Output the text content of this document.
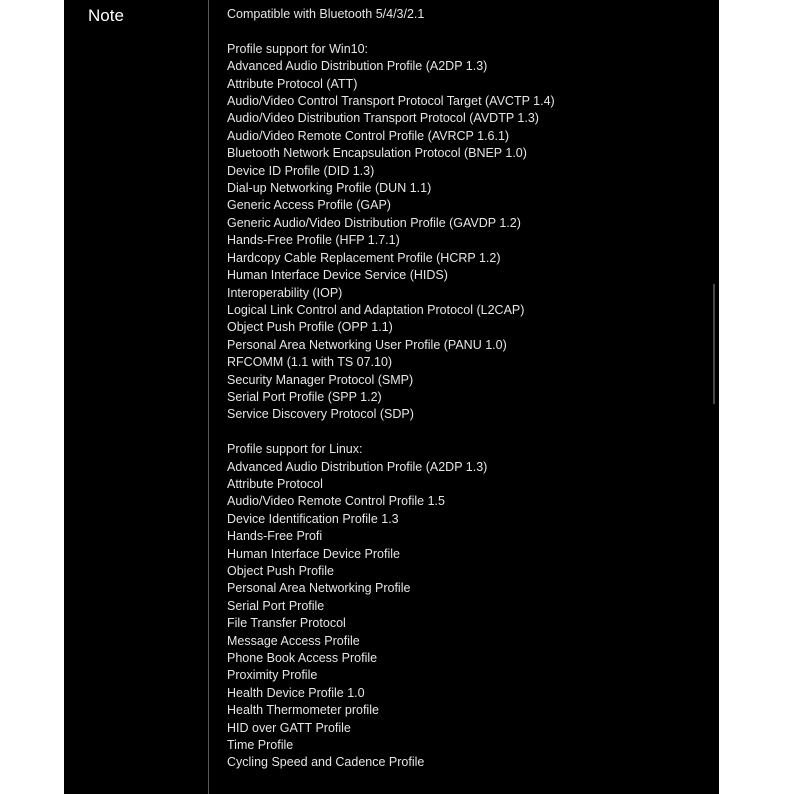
Note	Compatible with Bluetooth 5/4/3/2.1
Profile support for Win10:
Advanced Audio Distribution Profile (A2DP 1.3)
Attribute Protocol (ATT)
Audio/Video Control Transport Protocol Target (AVCTP 1.4)
Audio/Video Distribution Transport Protocol (AVDTP 1.3)
Audio/Video Remote Control Profile (AVRCP 1.6.1)
Bluetooth Network Encapsulation Protocol (BNEP 1.0)
Device ID Profile (DID 1.3)
Dial-up Networking Profile (DUN 1.1)
Generic Access Profile (GAP)
Generic Audio/Video Distribution Profile (GAVDP 1.2)
Hands-Free Profile (HFP 1.7.1)
Hardcopy Cable Replacement Profile (HCRP 1.2)
Human Interface Device Service (HIDS)
Interoperability (IOP)
Logical Link Control and Adaptation Protocol (L2CAP)
Object Push Profile (OPP 1.1)
Personal Area Networking User Profile (PANU 1.0)
RFCOMM (1.1 with TS 07.10)
Security Manager Protocol (SMP)
Serial Port Profile (SPP 1.2)
Service Discovery Protocol (SDP)
Profile support for Linux:
Advanced Audio Distribution Profile (A2DP 1.3)
Attribute Protocol
Audio/Video Remote Control Profile 1.5
Device Identification Profile 1.3
Hands-Free Profi
Human Interface Device Profile
Object Push Profile
Personal Area Networking Profile
Serial Port Profile
File Transfer Protocol
Message Access Profile
Phone Book Access Profile
Proximity Profile
Health Device Profile 1.0
Health Thermometer profile
HID over GATT Profile
Time Profile
Cycling Speed and Cadence Profile
